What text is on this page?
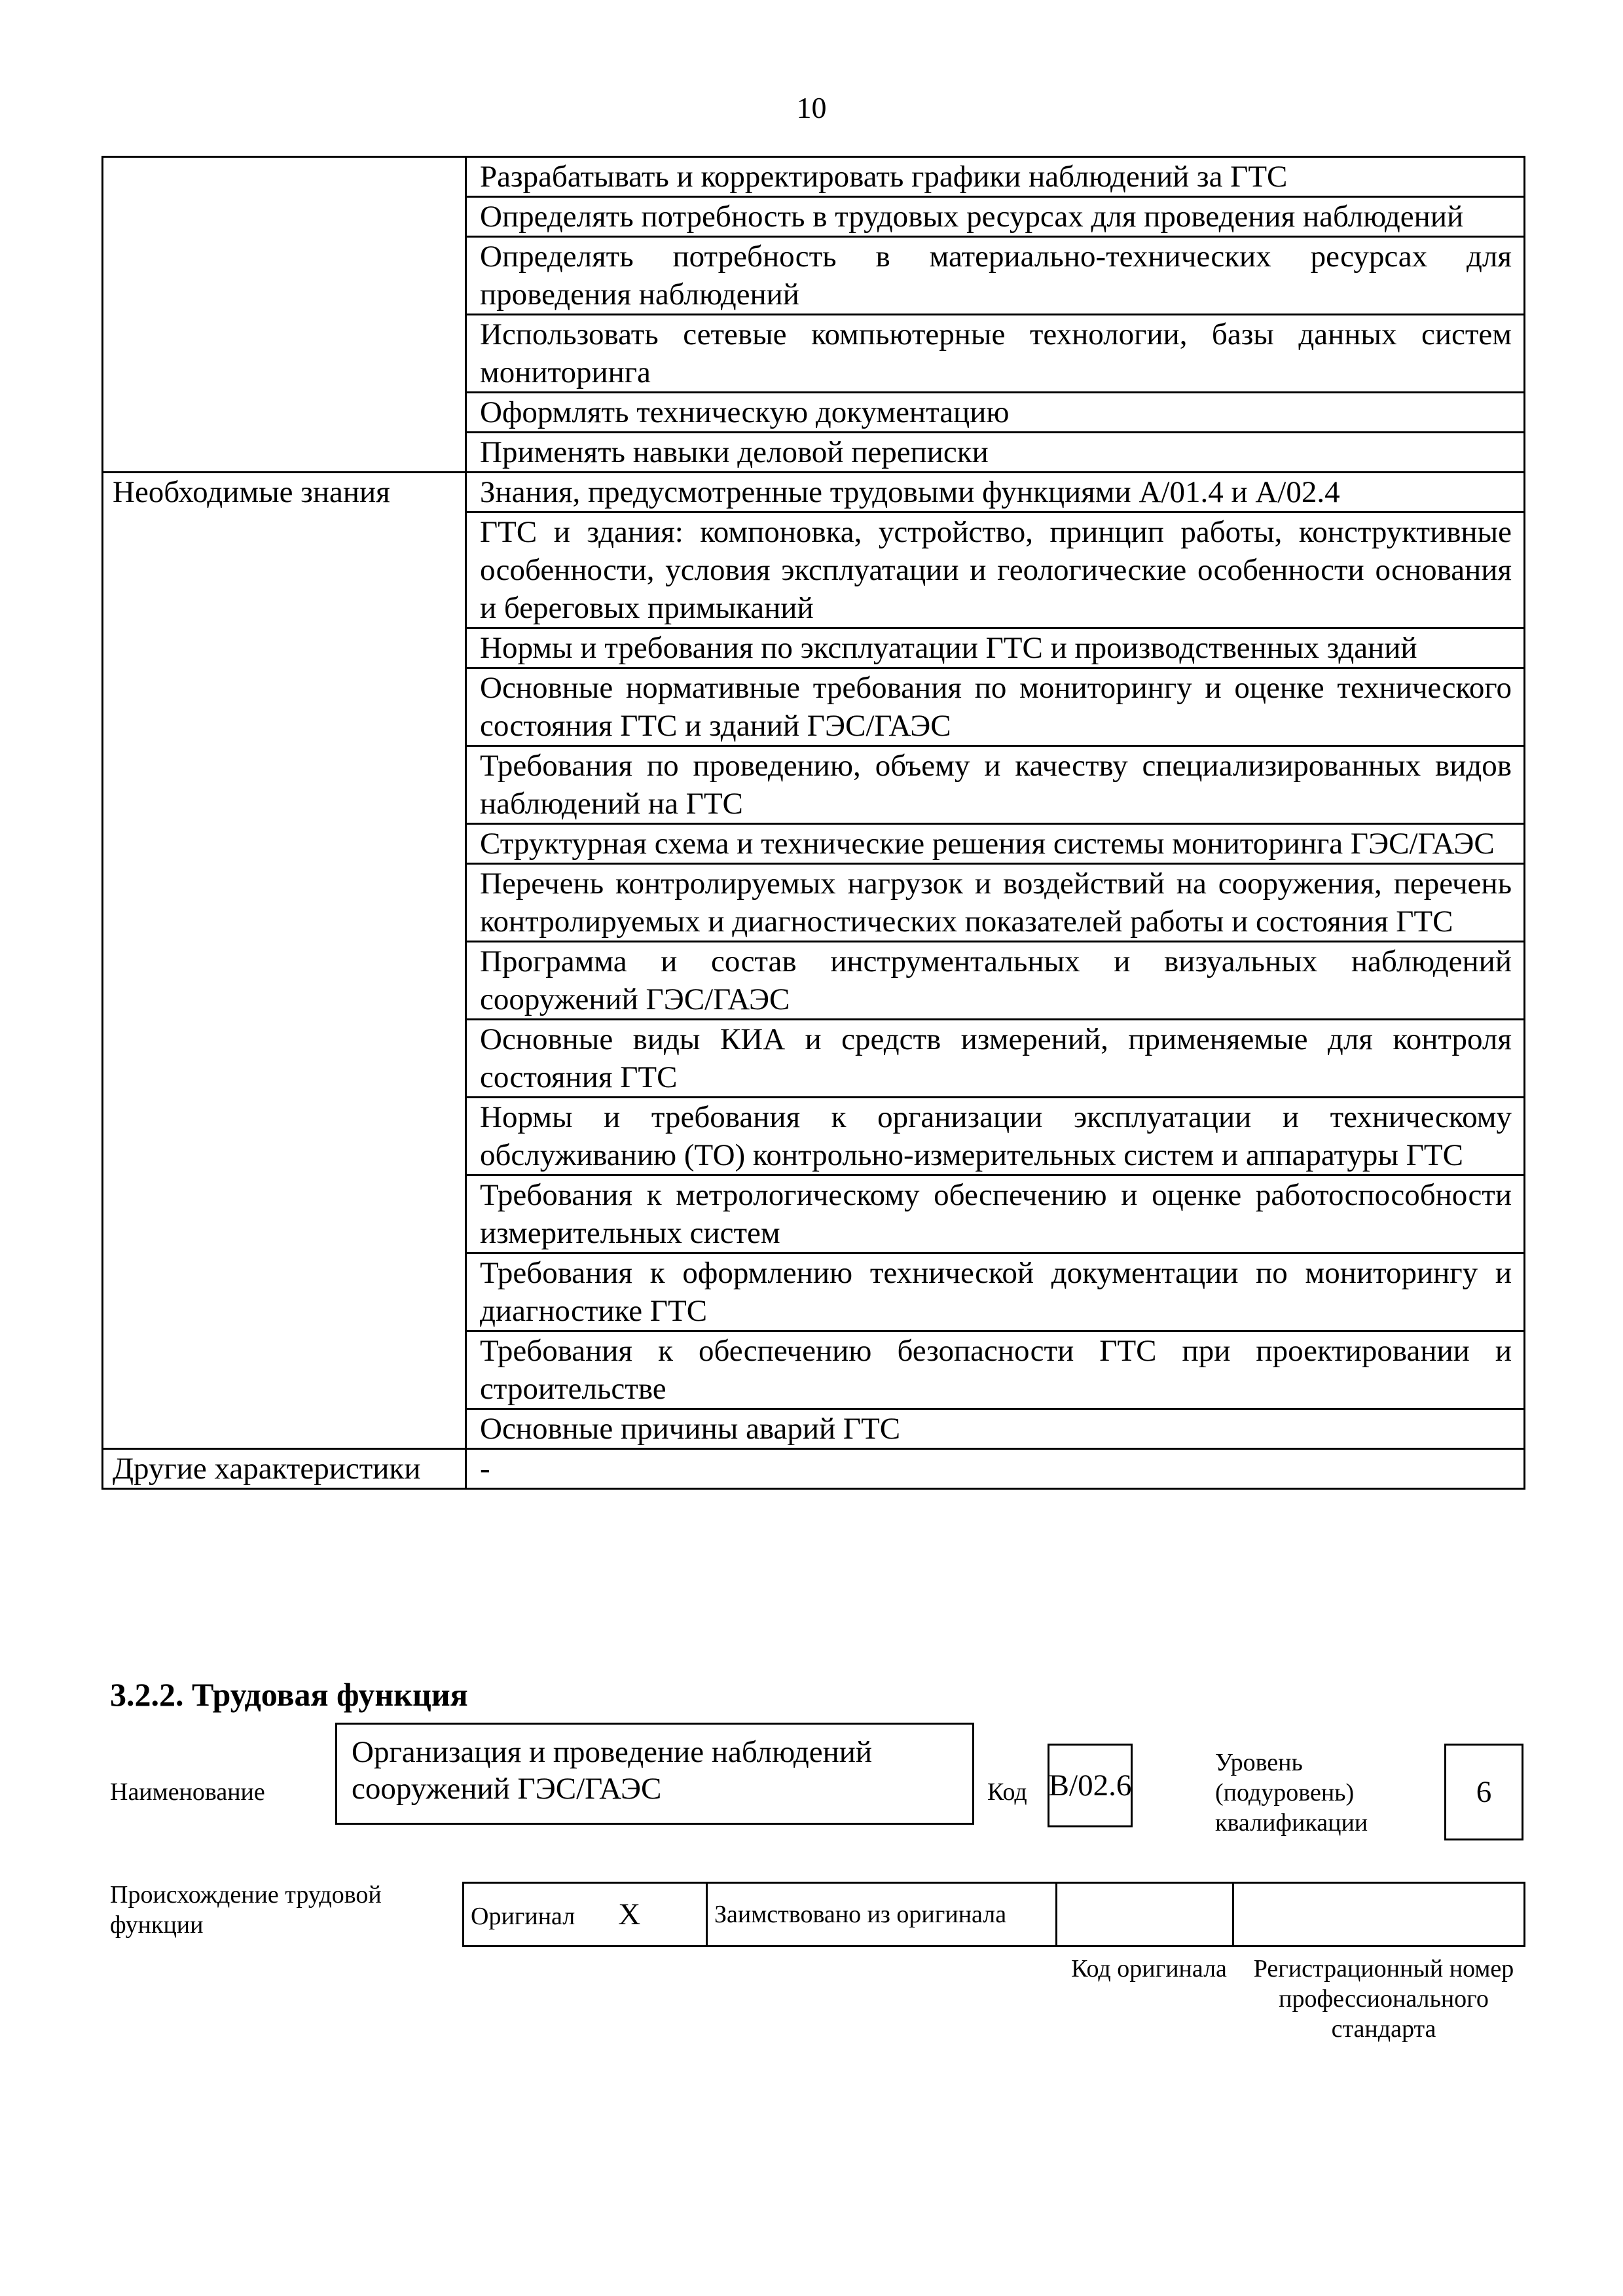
10
	Разрабатывать и корректировать графики наблюдений за ГТС
	Определять потребность в трудовых ресурсах для проведения наблюдений
	Определять потребность в материально-технических ресурсах для проведения наблюдений
	Использовать сетевые компьютерные технологии, базы данных систем мониторинга
	Оформлять техническую документацию
	Применять навыки деловой переписки
Необходимые знания	Знания, предусмотренные трудовыми функциями А/01.4 и А/02.4
	ГТС и здания: компоновка, устройство, принцип работы, конструктивные особенности, условия эксплуатации и геологические особенности основания и береговых примыканий
	Нормы и требования по эксплуатации ГТС и производственных зданий
	Основные нормативные требования по мониторингу и оценке технического состояния ГТС и зданий ГЭС/ГАЭС
	Требования по проведению, объему и качеству специализированных видов наблюдений на ГТС
	Структурная схема и технические решения системы мониторинга ГЭС/ГАЭС
	Перечень контролируемых нагрузок и воздействий на сооружения, перечень контролируемых и диагностических показателей работы и состояния ГТС
	Программа и состав инструментальных и визуальных наблюдений сооружений ГЭС/ГАЭС
	Основные виды КИА и средств измерений, применяемые для контроля состояния ГТС
	Нормы и требования к организации эксплуатации и техническому обслуживанию (ТО) контрольно-измерительных систем и аппаратуры ГТС
	Требования к метрологическому обеспечению и оценке работоспособности измерительных систем
	Требования к оформлению технической документации по мониторингу и диагностике ГТС
	Требования к обеспечению безопасности ГТС при проектировании и строительстве
	Основные причины аварий ГТС
Другие характеристики	-
3.2.2. Трудовая функция
Наименование
Организация и проведение наблюдений сооружений ГЭС/ГАЭС	Код В/02.6
Уровень (подуровень) квалификации
6
Происхождение трудовой функции	Оригинал X	Заимствовано из оригинала		
Код оригинала	Регистрационный номер профессионального стандарта
